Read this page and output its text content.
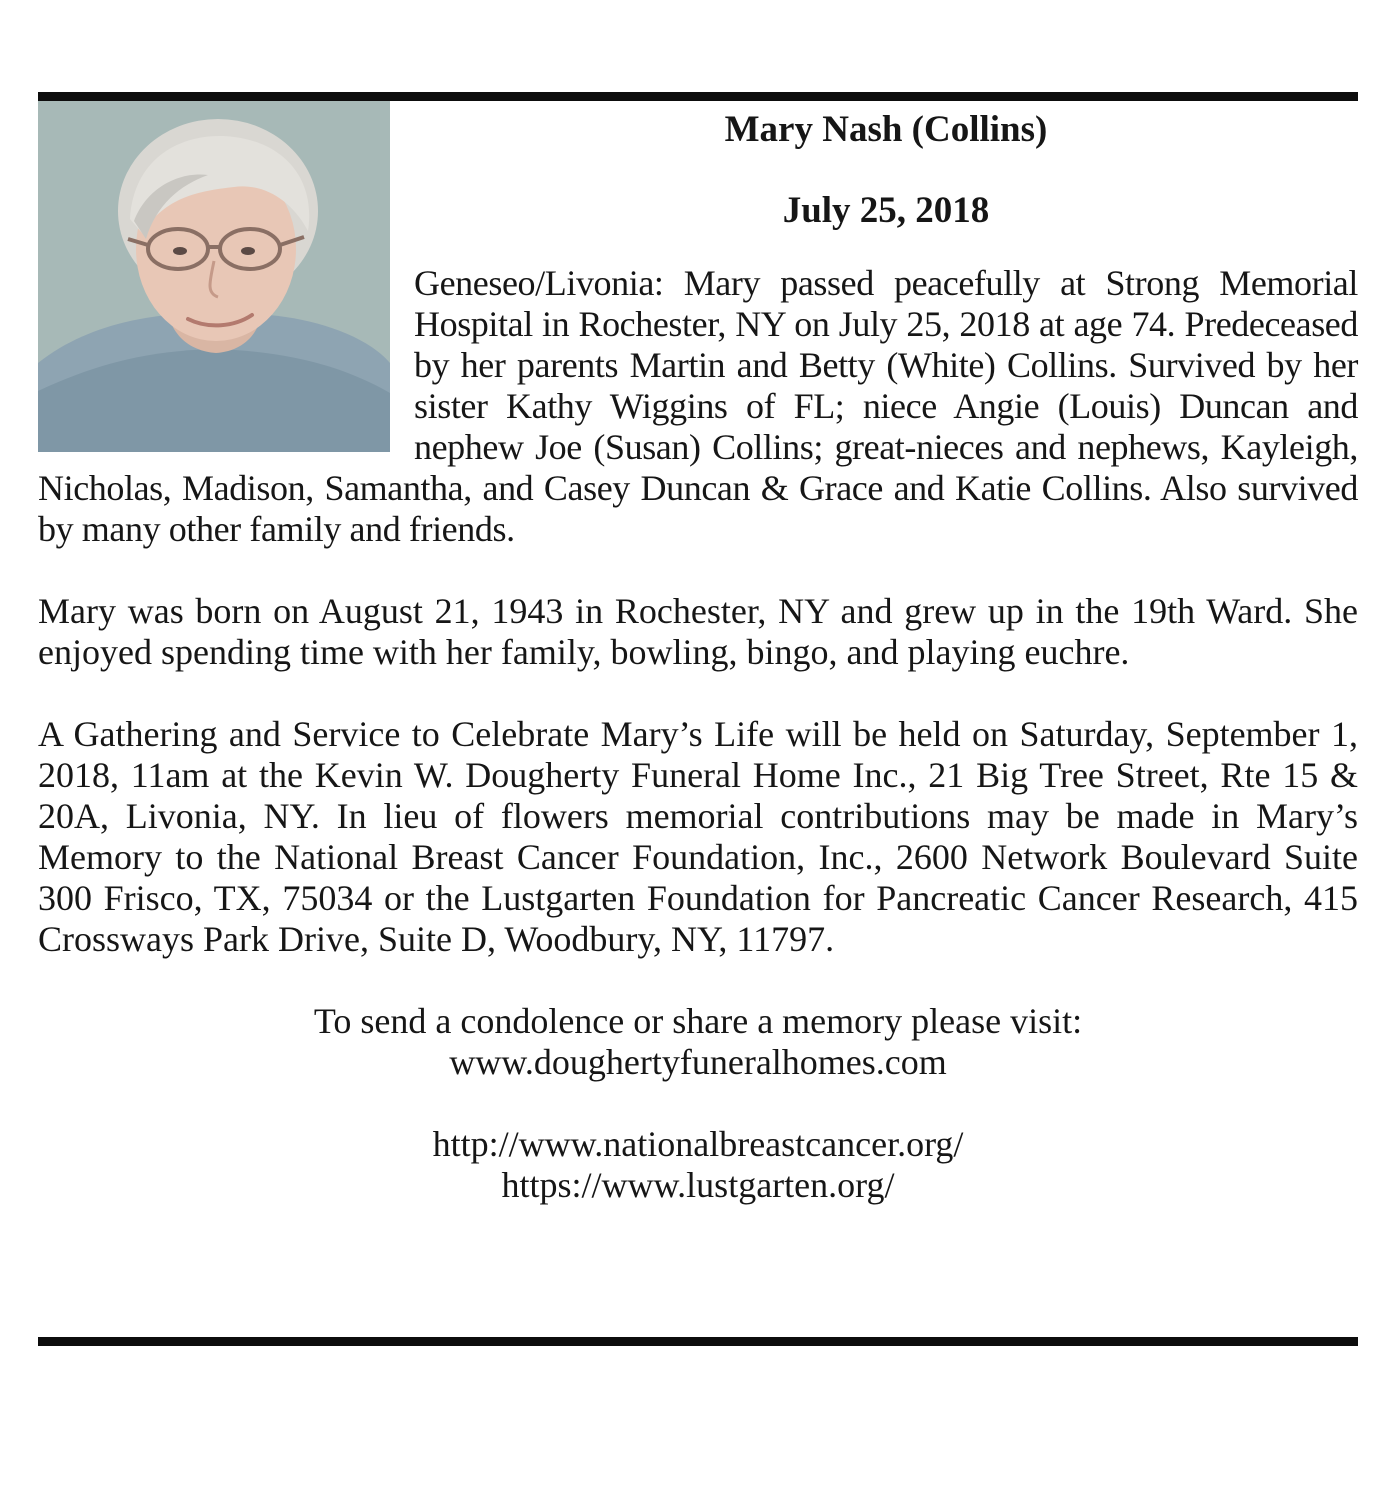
Mary Nash (Collins)
July 25, 2018

Geneseo/Livonia: Mary passed peacefully at Strong Memorial Hospital in Rochester, NY on July 25, 2018 at age 74. Predeceased by her parents Martin and Betty (White) Collins. Survived by her sister Kathy Wiggins of FL; niece Angie (Louis) Duncan and nephew Joe (Susan) Collins; great-nieces and nephews, Kayleigh, Nicholas, Madison, Samantha, and Casey Duncan & Grace and Katie Collins. Also survived by many other family and friends.

Mary was born on August 21, 1943 in Rochester, NY and grew up in the 19th Ward. She enjoyed spending time with her family, bowling, bingo, and playing euchre.

A Gathering and Service to Celebrate Mary’s Life will be held on Saturday, September 1, 2018, 11am at the Kevin W. Dougherty Funeral Home Inc., 21 Big Tree Street, Rte 15 & 20A, Livonia, NY. In lieu of flowers memorial contributions may be made in Mary’s Memory to the National Breast Cancer Foundation, Inc., 2600 Network Boulevard Suite 300 Frisco, TX, 75034 or the Lustgarten Foundation for Pancreatic Cancer Research, 415 Crossways Park Drive, Suite D, Woodbury, NY, 11797.

To send a condolence or share a memory please visit:
www.doughertyfuneralhomes.com

http://www.nationalbreastcancer.org/
https://www.lustgarten.org/
